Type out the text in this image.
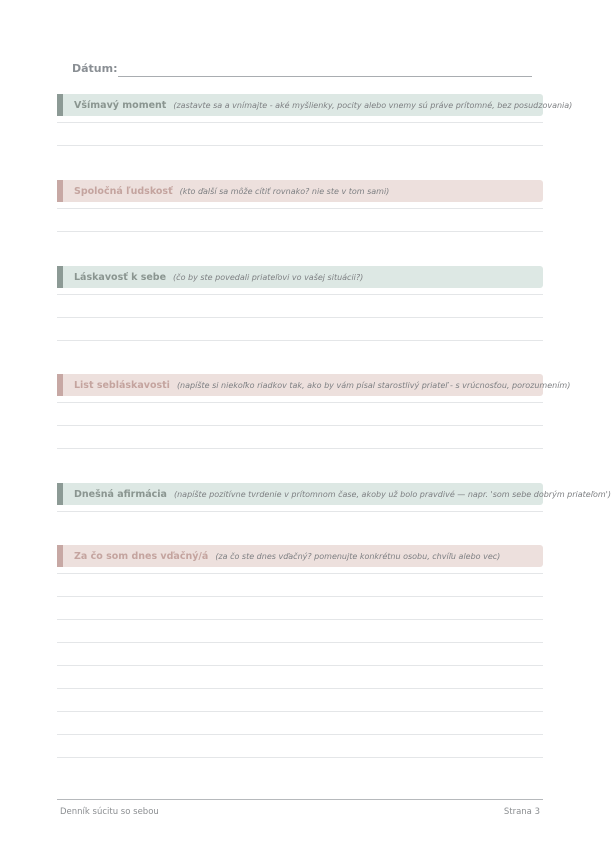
Dátum:
Všímavý moment (zastavte sa a vnímajte - aké myšlienky, pocity alebo vnemy sú práve prítomné, bez posudzovania)
Spoločná ľudskosť (kto ďalší sa môže cítiť rovnako? nie ste v tom sami)
Láskavosť k sebe (čo by ste povedali priateľovi vo vašej situácii?)
List sebláskavosti (napíšte si niekoľko riadkov tak, ako by vám písal starostlivý priateľ - s vrúcnosťou, porozumením)
Dnešná afirmácia (napíšte pozitívne tvrdenie v prítomnom čase, akoby už bolo pravdivé — napr. 'som sebe dobrým priateľom')
Za čo som dnes vďačný/á (za čo ste dnes vďačný? pomenujte konkrétnu osobu, chvíľu alebo vec)
Denník súcitu so sebou	Strana 3
